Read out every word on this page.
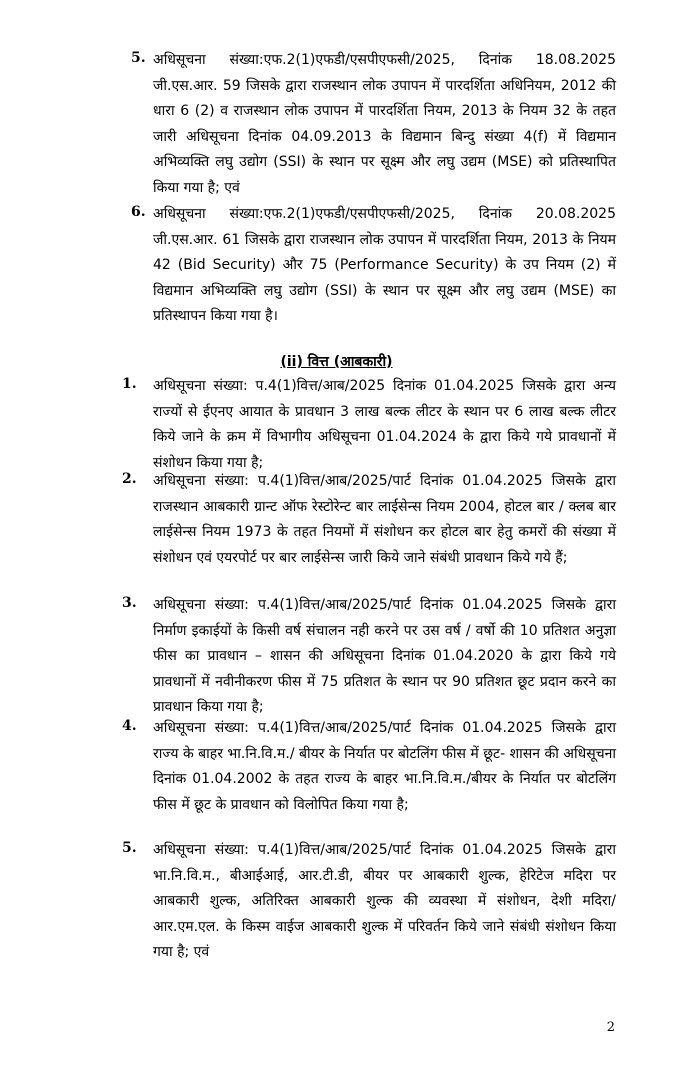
5. अधिसूचना संख्या:एफ.2(1)एफडी/एसपीएफसी/2025, दिनांक 18.08.2025 जी.एस.आर. 59 जिसके द्वारा राजस्थान लोक उपापन में पारदर्शिता अधिनियम, 2012 की धारा 6 (2) व राजस्थान लोक उपापन में पारदर्शिता नियम, 2013 के नियम 32 के तहत जारी अधिसूचना दिनांक 04.09.2013 के विद्यमान बिन्दु संख्या 4(f) में विद्यमान अभिव्यक्ति लघु उद्योग (SSI) के स्थान पर सूक्ष्म और लघु उद्यम (MSE) को प्रतिस्थापित किया गया है; एवं
6. अधिसूचना संख्या:एफ.2(1)एफडी/एसपीएफसी/2025, दिनांक 20.08.2025 जी.एस.आर. 61 जिसके द्वारा राजस्थान लोक उपापन में पारदर्शिता नियम, 2013 के नियम 42 (Bid Security) और 75 (Performance Security) के उप नियम (2) में विद्यमान अभिव्यक्ति लघु उद्योग (SSI) के स्थान पर सूक्ष्म और लघु उद्यम (MSE) का प्रतिस्थापन किया गया है।
(ii) वित्त (आबकारी)
1. अधिसूचना संख्या: प.4(1)वित्त/आब/2025 दिनांक 01.04.2025 जिसके द्वारा अन्य राज्यों से ईएनए आयात के प्रावधान 3 लाख बल्क लीटर के स्थान पर 6 लाख बल्क लीटर किये जाने के क्रम में विभागीय अधिसूचना 01.04.2024 के द्वारा किये गये प्रावधानों में संशोधन किया गया है;
2. अधिसूचना संख्या: प.4(1)वित्त/आब/2025/पार्ट दिनांक 01.04.2025 जिसके द्वारा राजस्थान आबकारी ग्रान्ट ऑफ रेस्टोरेन्ट बार लाईसेन्स नियम 2004, होटल बार / क्लब बार लाईसेन्स नियम 1973 के तहत नियमों में संशोधन कर होटल बार हेतु कमरों की संख्या में संशोधन एवं एयरपोर्ट पर बार लाईसेन्स जारी किये जाने संबंधी प्रावधान किये गये हैं;
3. अधिसूचना संख्या: प.4(1)वित्त/आब/2025/पार्ट दिनांक 01.04.2025 जिसके द्वारा निर्माण इकाईयों के किसी वर्ष संचालन नही करने पर उस वर्ष / वर्षो की 10 प्रतिशत अनुज्ञा फीस का प्रावधान – शासन की अधिसूचना दिनांक 01.04.2020 के द्वारा किये गये प्रावधानों में नवीनीकरण फीस में 75 प्रतिशत के स्थान पर 90 प्रतिशत छूट प्रदान करने का प्रावधान किया गया है;
4. अधिसूचना संख्या: प.4(1)वित्त/आब/2025/पार्ट दिनांक 01.04.2025 जिसके द्वारा राज्य के बाहर भा.नि.वि.म./ बीयर के निर्यात पर बोटलिंग फीस में छूट- शासन की अधिसूचना दिनांक 01.04.2002 के तहत राज्य के बाहर भा.नि.वि.म./बीयर के निर्यात पर बोटलिंग फीस में छूट के प्रावधान को विलोपित किया गया है;
5. अधिसूचना संख्या: प.4(1)वित्त/आब/2025/पार्ट दिनांक 01.04.2025 जिसके द्वारा भा.नि.वि.म., बीआईआई, आर.टी.डी, बीयर पर आबकारी शुल्क, हेरिटेज मदिरा पर आबकारी शुल्क, अतिरिक्त आबकारी शुल्क की व्यवस्था में संशोधन, देशी मदिरा/आर.एम.एल. के किस्म वाईज आबकारी शुल्क में परिवर्तन किये जाने संबंधी संशोधन किया गया है; एवं
2
